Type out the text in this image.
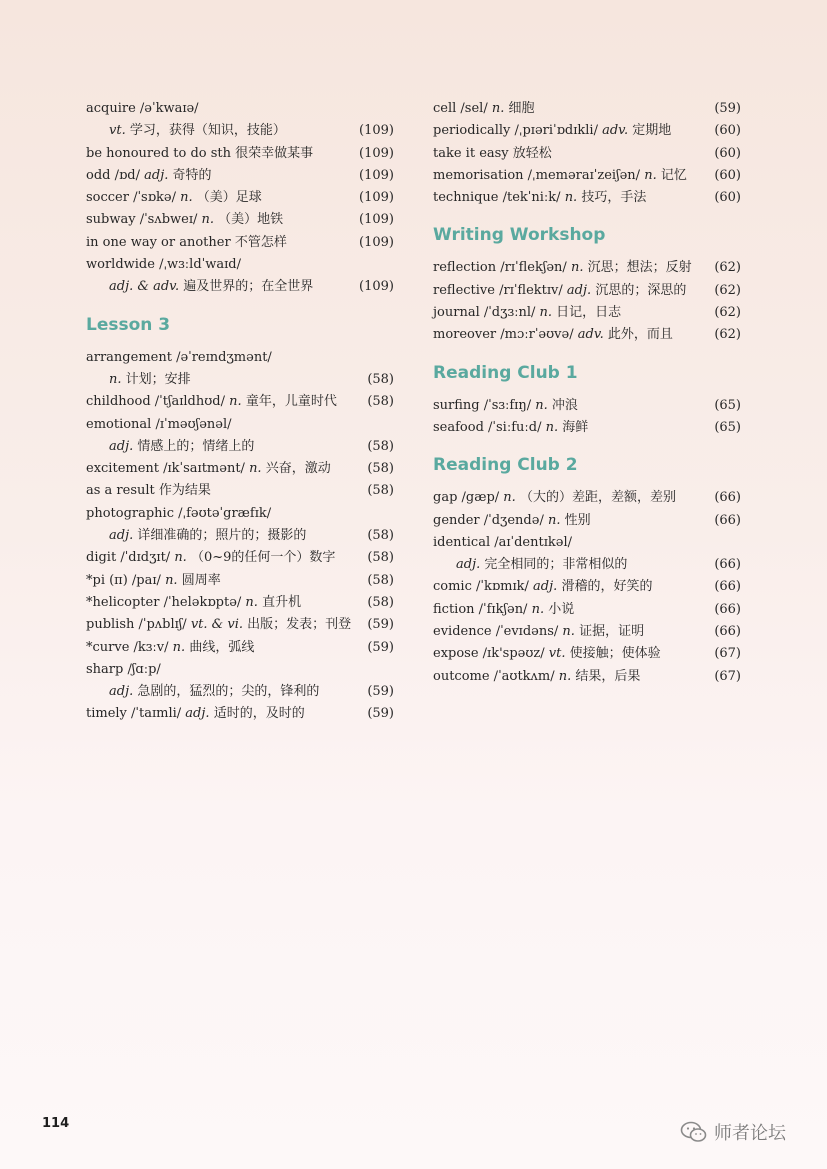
acquire /əˈkwaɪə/
vt. 学习，获得（知识，技能）	(109)
be honoured to do sth 很荣幸做某事	(109)
odd /ɒd/ adj. 奇特的	(109)
soccer /ˈsɒkə/ n. （美）足球	(109)
subway /ˈsʌbweɪ/ n. （美）地铁	(109)
in one way or another 不管怎样	(109)
worldwide /ˌwɜːldˈwaɪd/
adj. & adv. 遍及世界的；在全世界	(109)
Lesson 3
arrangement /əˈreɪndʒmənt/
n. 计划；安排	(58)
childhood /ˈtʃaɪldhʊd/ n. 童年，儿童时代	(58)
emotional /ɪˈməʊʃənəl/
adj. 情感上的；情绪上的	(58)
excitement /ɪkˈsaɪtmənt/ n. 兴奋，激动	(58)
as a result 作为结果	(58)
photographic /ˌfəʊtəˈgræfɪk/
adj. 详细准确的；照片的；摄影的	(58)
digit /ˈdɪdʒɪt/ n. （0~9的任何一个）数字	(58)
*pi (π) /paɪ/ n. 圆周率	(58)
*helicopter /ˈheləkɒptə/ n. 直升机	(58)
publish /ˈpʌblɪʃ/ vt. & vi. 出版；发表；刊登	(59)
*curve /kɜːv/ n. 曲线，弧线	(59)
sharp /ʃɑːp/
adj. 急剧的，猛烈的；尖的，锋利的	(59)
timely /ˈtaɪmli/ adj. 适时的，及时的	(59)
cell /sel/ n. 细胞	(59)
periodically /ˌpɪəriˈɒdɪkli/ adv. 定期地	(60)
take it easy 放轻松	(60)
memorisation /ˌmeməraɪˈzeiʃən/ n. 记忆	(60)
technique /tekˈniːk/ n. 技巧，手法	(60)
Writing Workshop
reflection /rɪˈflekʃən/ n. 沉思；想法；反射	(62)
reflective /rɪˈflektɪv/ adj. 沉思的；深思的	(62)
journal /ˈdʒɜːnl/ n. 日记，日志	(62)
moreover /mɔːrˈəʊvə/ adv. 此外，而且	(62)
Reading Club 1
surfing /ˈsɜːfɪŋ/ n. 冲浪	(65)
seafood /ˈsiːfuːd/ n. 海鲜	(65)
Reading Club 2
gap /gæp/ n. （大的）差距，差额，差别	(66)
gender /ˈdʒendə/ n. 性别	(66)
identical /aɪˈdentɪkəl/
adj. 完全相同的；非常相似的	(66)
comic /ˈkɒmɪk/ adj. 滑稽的，好笑的	(66)
fiction /ˈfɪkʃən/ n. 小说	(66)
evidence /ˈevɪdəns/ n. 证据，证明	(66)
expose /ɪk'spəʊz/ vt. 使接触；使体验	(67)
outcome /ˈaʊtkʌm/ n. 结果，后果	(67)
114	师者论坛
